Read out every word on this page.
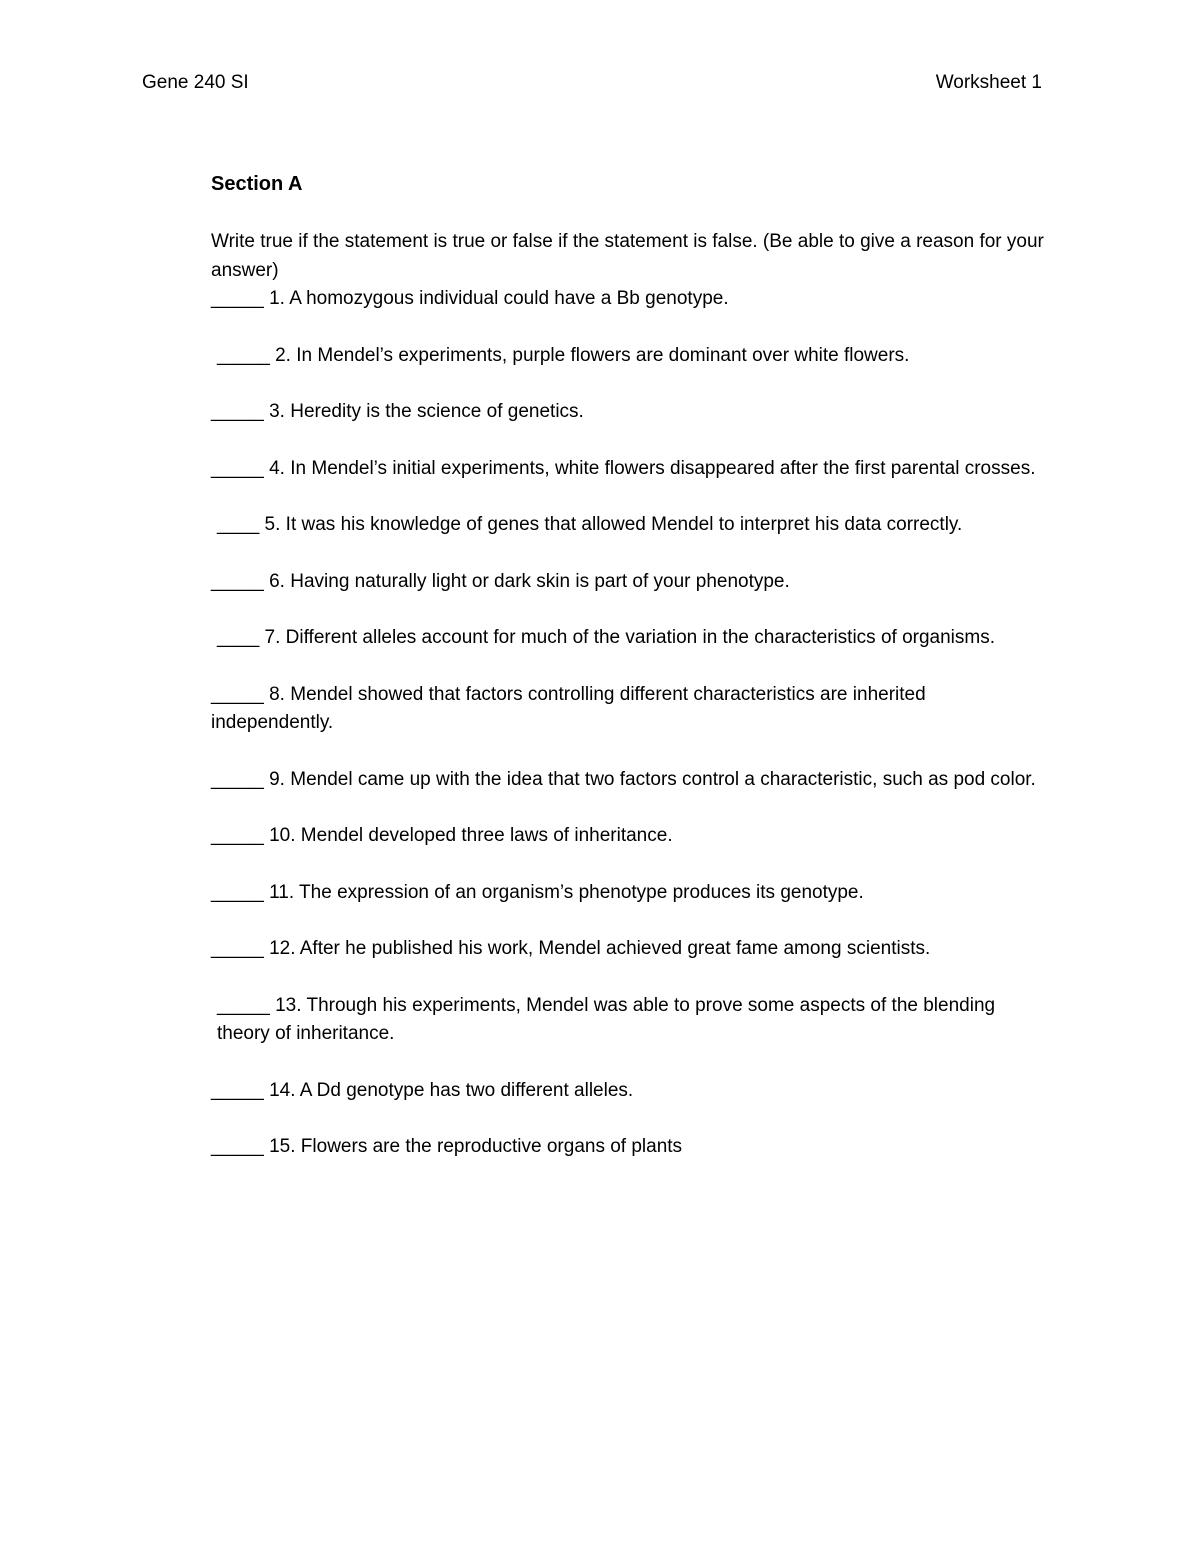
Gene 240 SI	Worksheet 1
Section A

Write true if the statement is true or false if the statement is false. (Be able to give a reason for your answer)

_____ 1. A homozygous individual could have a Bb genotype.

_____ 2. In Mendel’s experiments, purple flowers are dominant over white flowers.

_____ 3. Heredity is the science of genetics.

_____ 4. In Mendel’s initial experiments, white flowers disappeared after the first parental crosses.

____ 5. It was his knowledge of genes that allowed Mendel to interpret his data correctly.

_____ 6. Having naturally light or dark skin is part of your phenotype.

____ 7. Different alleles account for much of the variation in the characteristics of organisms.

_____ 8. Mendel showed that factors controlling different characteristics are inherited independently.

_____ 9. Mendel came up with the idea that two factors control a characteristic, such as pod color.

_____ 10. Mendel developed three laws of inheritance.

_____ 11. The expression of an organism’s phenotype produces its genotype.

_____ 12. After he published his work, Mendel achieved great fame among scientists.

_____ 13. Through his experiments, Mendel was able to prove some aspects of the blending theory of inheritance.

_____ 14. A Dd genotype has two different alleles.

_____ 15. Flowers are the reproductive organs of plants
